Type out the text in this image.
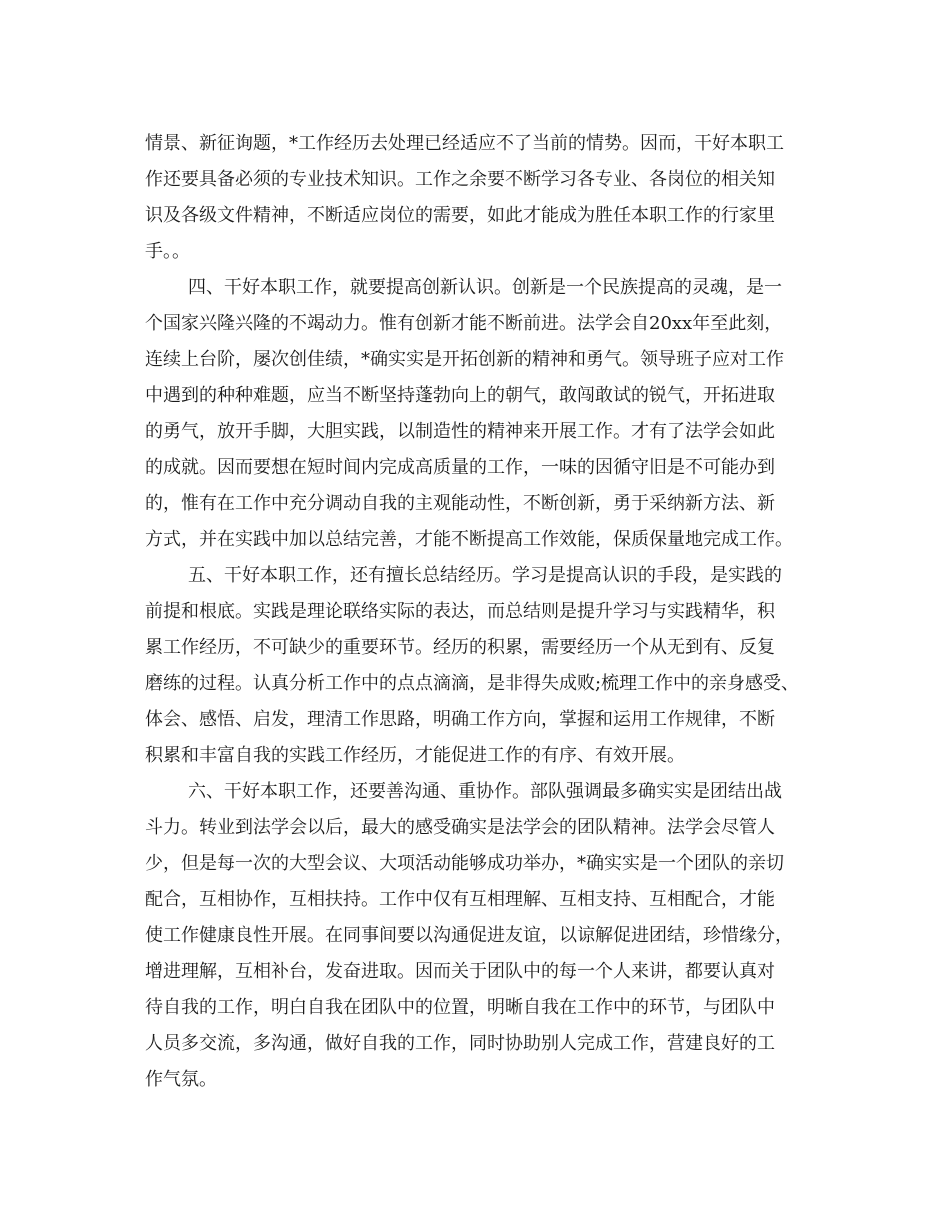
情景、新征询题，*工作经历去处理已经适应不了当前的情势。因而，干好本职工
作还要具备必须的专业技术知识。工作之余要不断学习各专业、各岗位的相关知
识及各级文件精神，不断适应岗位的需要，如此才能成为胜任本职工作的行家里
手。。
四、干好本职工作，就要提高创新认识。创新是一个民族提高的灵魂，是一
个国家兴隆兴隆的不竭动力。惟有创新才能不断前进。法学会自20xx年至此刻，
连续上台阶，屡次创佳绩，*确实实是开拓创新的精神和勇气。领导班子应对工作
中遇到的种种难题，应当不断坚持蓬勃向上的朝气，敢闯敢试的锐气，开拓进取
的勇气，放开手脚，大胆实践，以制造性的精神来开展工作。才有了法学会如此
的成就。因而要想在短时间内完成高质量的工作，一味的因循守旧是不可能办到
的，惟有在工作中充分调动自我的主观能动性，不断创新，勇于采纳新方法、新
方式，并在实践中加以总结完善，才能不断提高工作效能，保质保量地完成工作。
五、干好本职工作，还有擅长总结经历。学习是提高认识的手段，是实践的
前提和根底。实践是理论联络实际的表达，而总结则是提升学习与实践精华，积
累工作经历，不可缺少的重要环节。经历的积累，需要经历一个从无到有、反复
磨练的过程。认真分析工作中的点点滴滴，是非得失成败;梳理工作中的亲身感受、
体会、感悟、启发，理清工作思路，明确工作方向，掌握和运用工作规律，不断
积累和丰富自我的实践工作经历，才能促进工作的有序、有效开展。
六、干好本职工作，还要善沟通、重协作。部队强调最多确实实是团结出战
斗力。转业到法学会以后，最大的感受确实是法学会的团队精神。法学会尽管人
少，但是每一次的大型会议、大项活动能够成功举办，*确实实是一个团队的亲切
配合，互相协作，互相扶持。工作中仅有互相理解、互相支持、互相配合，才能
使工作健康良性开展。在同事间要以沟通促进友谊，以谅解促进团结，珍惜缘分，
增进理解，互相补台，发奋进取。因而关于团队中的每一个人来讲，都要认真对
待自我的工作，明白自我在团队中的位置，明晰自我在工作中的环节，与团队中
人员多交流，多沟通，做好自我的工作，同时协助别人完成工作，营建良好的工
作气氛。
